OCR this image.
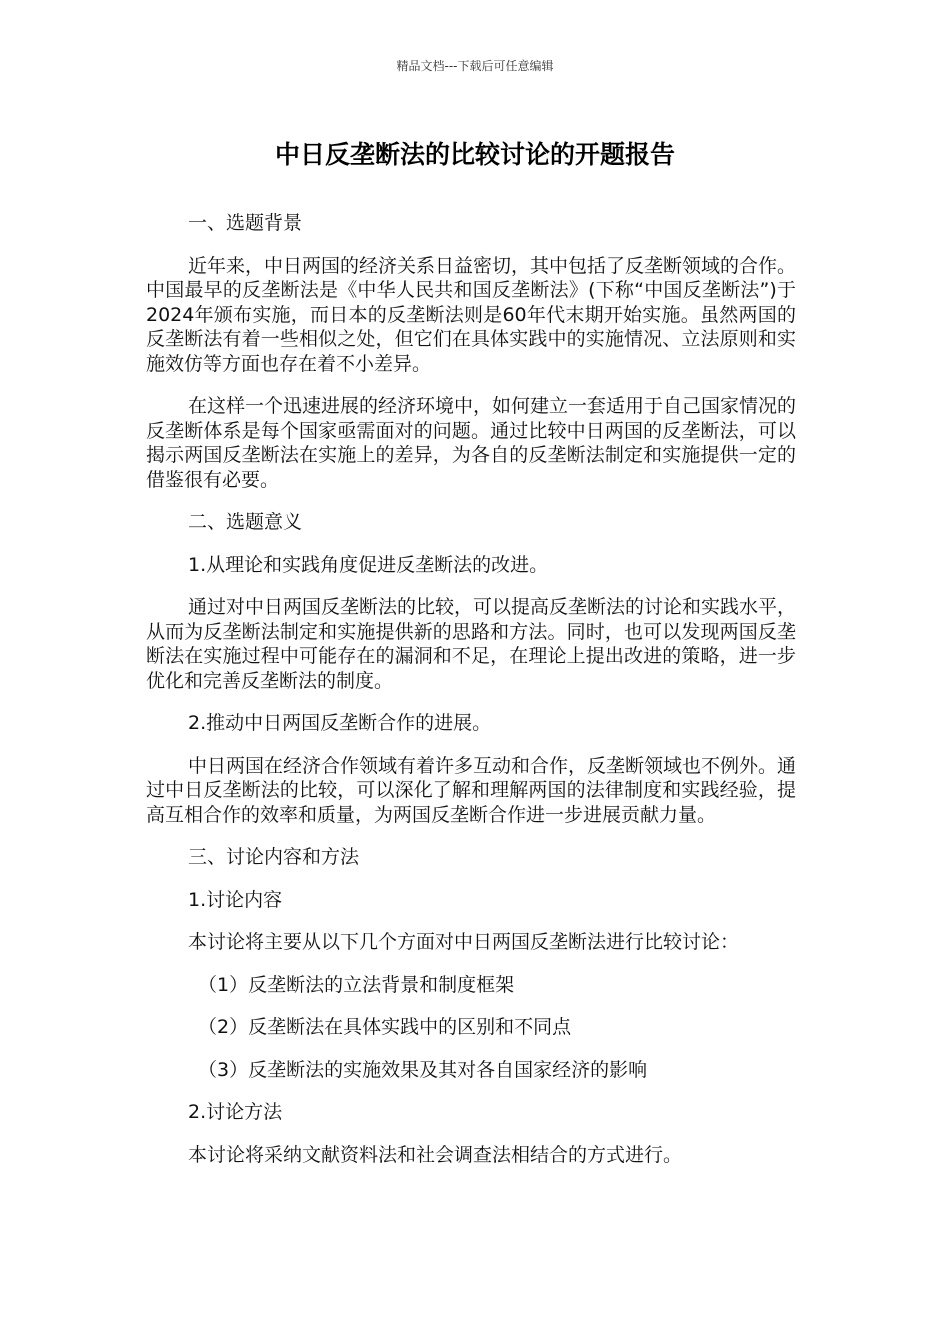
精品文档---下载后可任意编辑
中日反垄断法的比较讨论的开题报告

一、选题背景

近年来，中日两国的经济关系日益密切，其中包括了反垄断领域的合作。中国最早的反垄断法是《中华人民共和国反垄断法》(下称“中国反垄断法”)于2024年颁布实施，而日本的反垄断法则是60年代末期开始实施。虽然两国的反垄断法有着一些相似之处，但它们在具体实践中的实施情况、立法原则和实施效仿等方面也存在着不小差异。

在这样一个迅速进展的经济环境中，如何建立一套适用于自己国家情况的反垄断体系是每个国家亟需面对的问题。通过比较中日两国的反垄断法，可以揭示两国反垄断法在实施上的差异，为各自的反垄断法制定和实施提供一定的借鉴很有必要。

二、选题意义

1.从理论和实践角度促进反垄断法的改进。

通过对中日两国反垄断法的比较，可以提高反垄断法的讨论和实践水平，从而为反垄断法制定和实施提供新的思路和方法。同时，也可以发现两国反垄断法在实施过程中可能存在的漏洞和不足，在理论上提出改进的策略，进一步优化和完善反垄断法的制度。

2.推动中日两国反垄断合作的进展。

中日两国在经济合作领域有着许多互动和合作，反垄断领域也不例外。通过中日反垄断法的比较，可以深化了解和理解两国的法律制度和实践经验，提高互相合作的效率和质量，为两国反垄断合作进一步进展贡献力量。

三、讨论内容和方法

1.讨论内容

本讨论将主要从以下几个方面对中日两国反垄断法进行比较讨论：

（1）反垄断法的立法背景和制度框架

（2）反垄断法在具体实践中的区别和不同点

（3）反垄断法的实施效果及其对各自国家经济的影响

2.讨论方法

本讨论将采纳文献资料法和社会调查法相结合的方式进行。
